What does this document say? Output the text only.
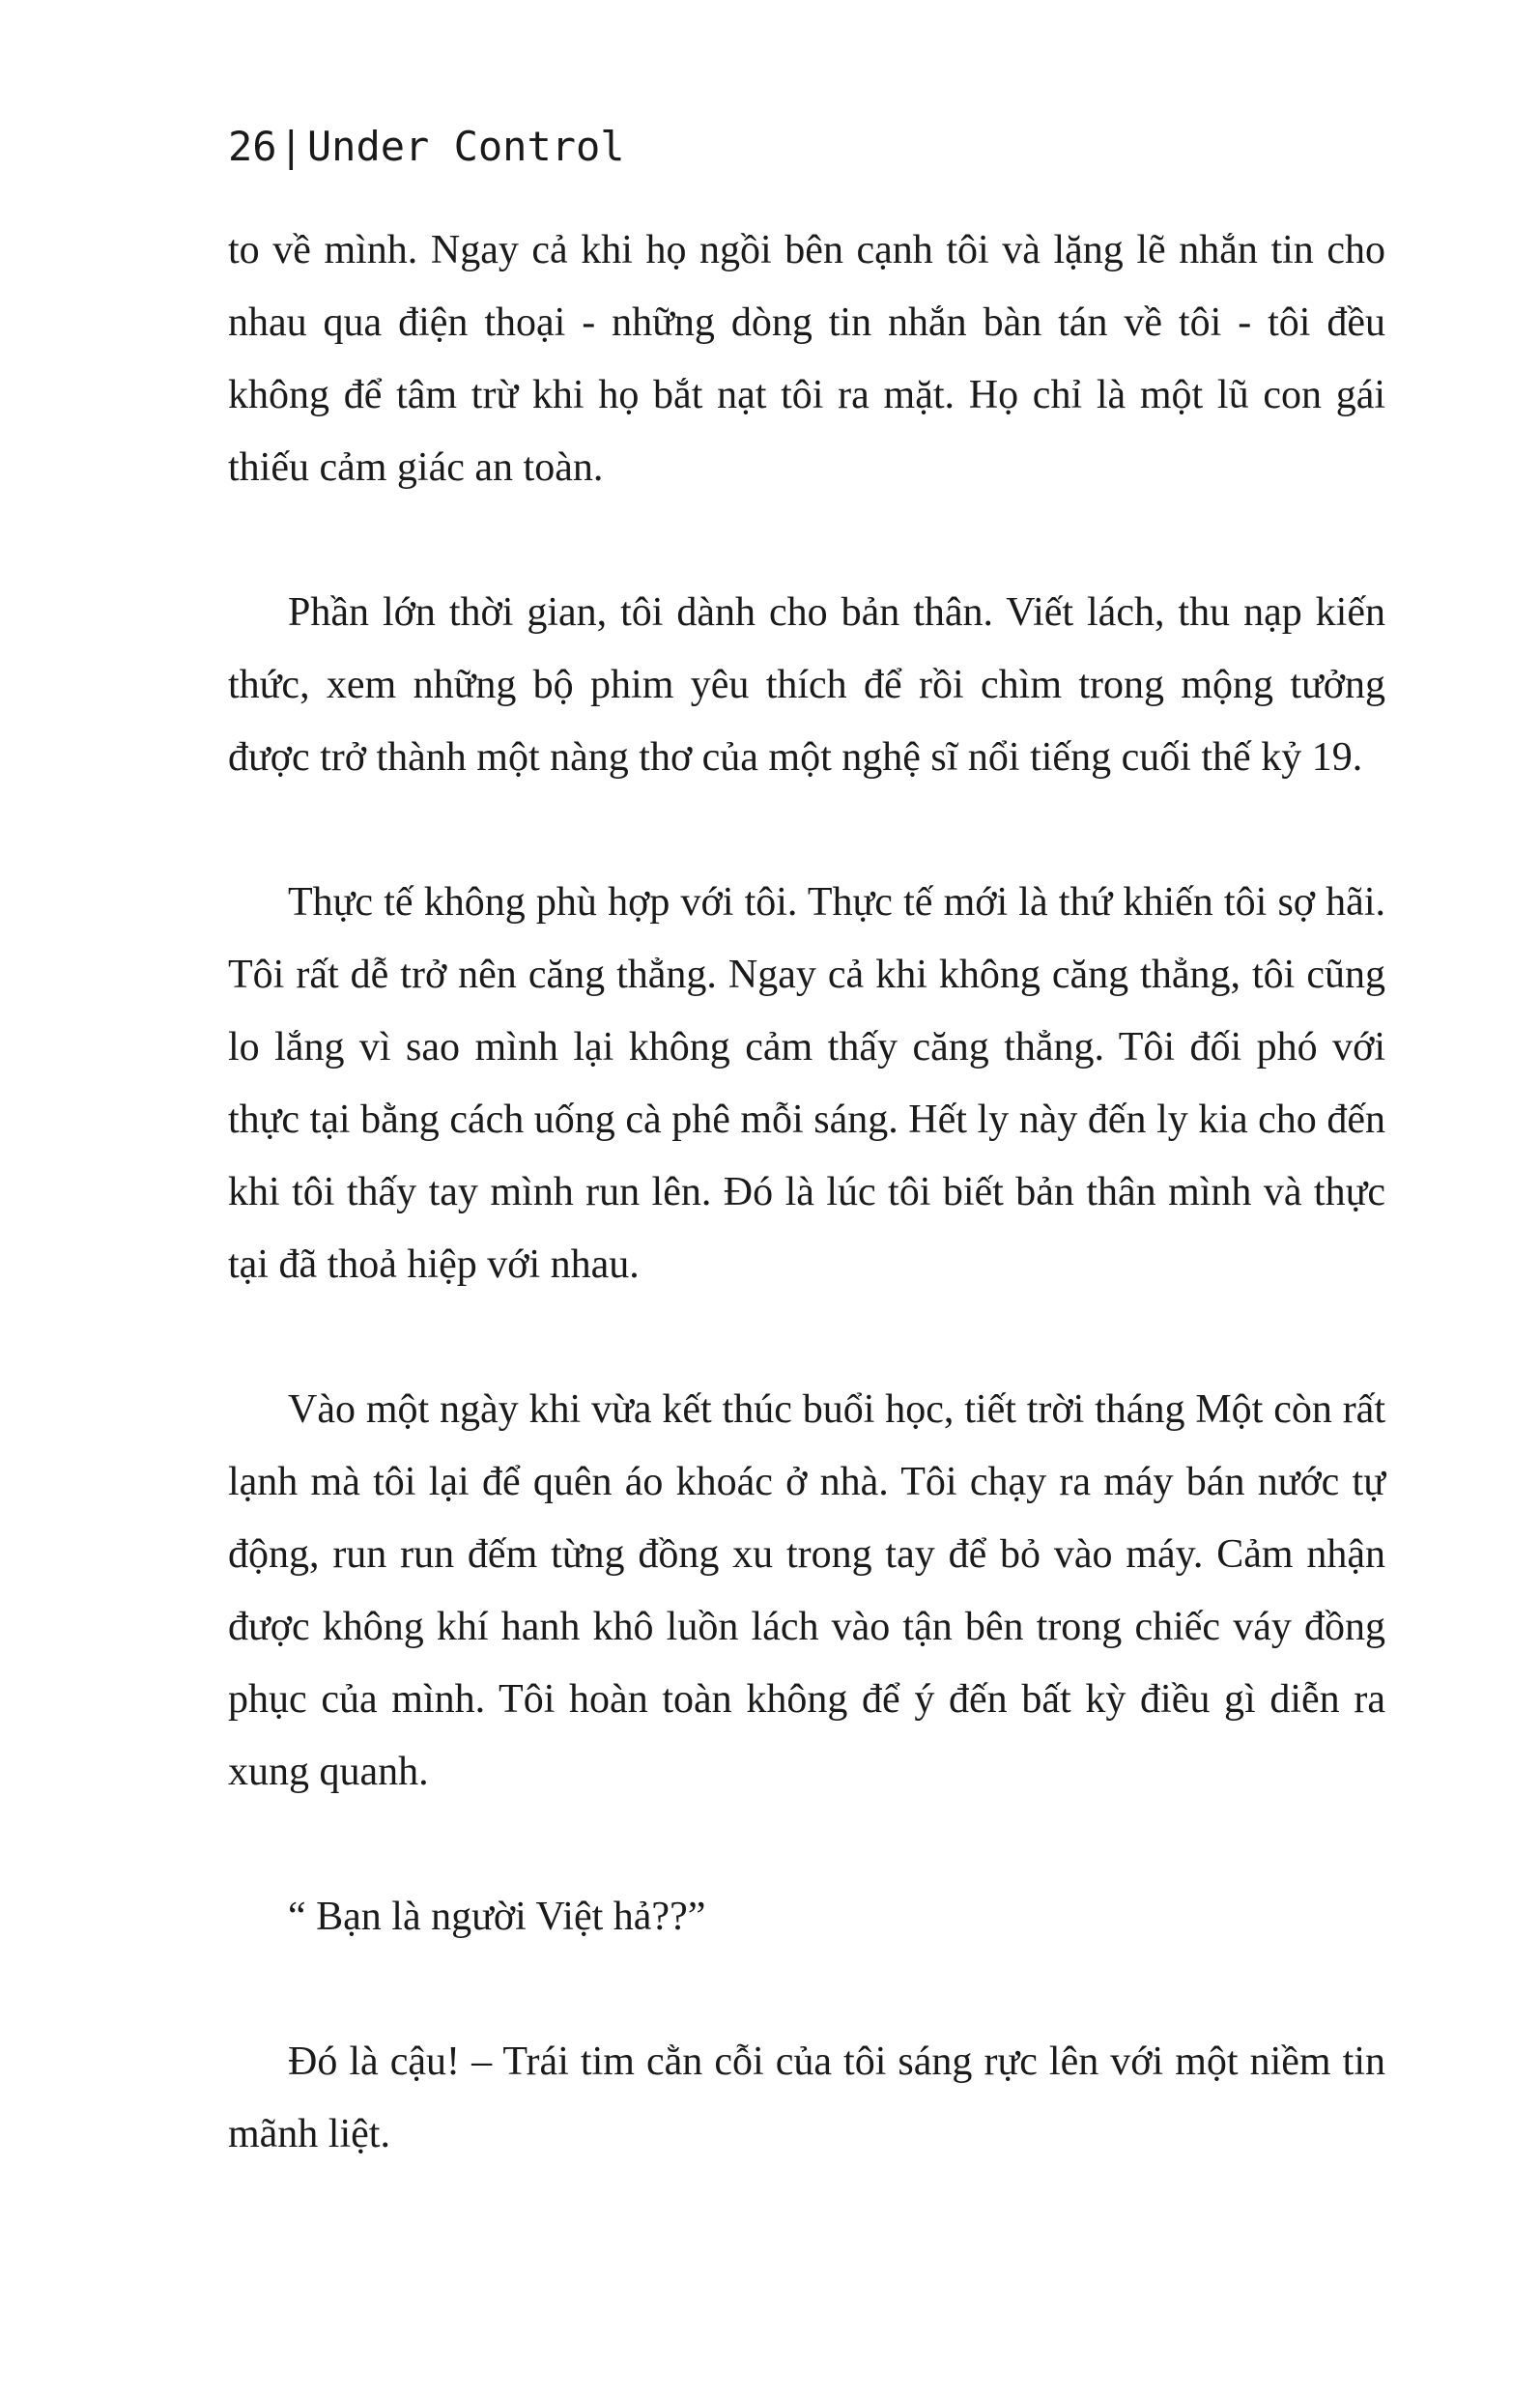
26|Under Control

to về mình. Ngay cả khi họ ngồi bên cạnh tôi và lặng lẽ nhắn tin cho nhau qua điện thoại - những dòng tin nhắn bàn tán về tôi - tôi đều không để tâm trừ khi họ bắt nạt tôi ra mặt. Họ chỉ là một lũ con gái thiếu cảm giác an toàn.

Phần lớn thời gian, tôi dành cho bản thân. Viết lách, thu nạp kiến thức, xem những bộ phim yêu thích để rồi chìm trong mộng tưởng được trở thành một nàng thơ của một nghệ sĩ nổi tiếng cuối thế kỷ 19.

Thực tế không phù hợp với tôi. Thực tế mới là thứ khiến tôi sợ hãi. Tôi rất dễ trở nên căng thẳng. Ngay cả khi không căng thẳng, tôi cũng lo lắng vì sao mình lại không cảm thấy căng thẳng. Tôi đối phó với thực tại bằng cách uống cà phê mỗi sáng. Hết ly này đến ly kia cho đến khi tôi thấy tay mình run lên. Đó là lúc tôi biết bản thân mình và thực tại đã thoả hiệp với nhau.

Vào một ngày khi vừa kết thúc buổi học, tiết trời tháng Một còn rất lạnh mà tôi lại để quên áo khoác ở nhà. Tôi chạy ra máy bán nước tự động, run run đếm từng đồng xu trong tay để bỏ vào máy. Cảm nhận được không khí hanh khô luồn lách vào tận bên trong chiếc váy đồng phục của mình. Tôi hoàn toàn không để ý đến bất kỳ điều gì diễn ra xung quanh.

“ Bạn là người Việt hả??”

Đó là cậu! – Trái tim cằn cỗi của tôi sáng rực lên với một niềm tin mãnh liệt.
